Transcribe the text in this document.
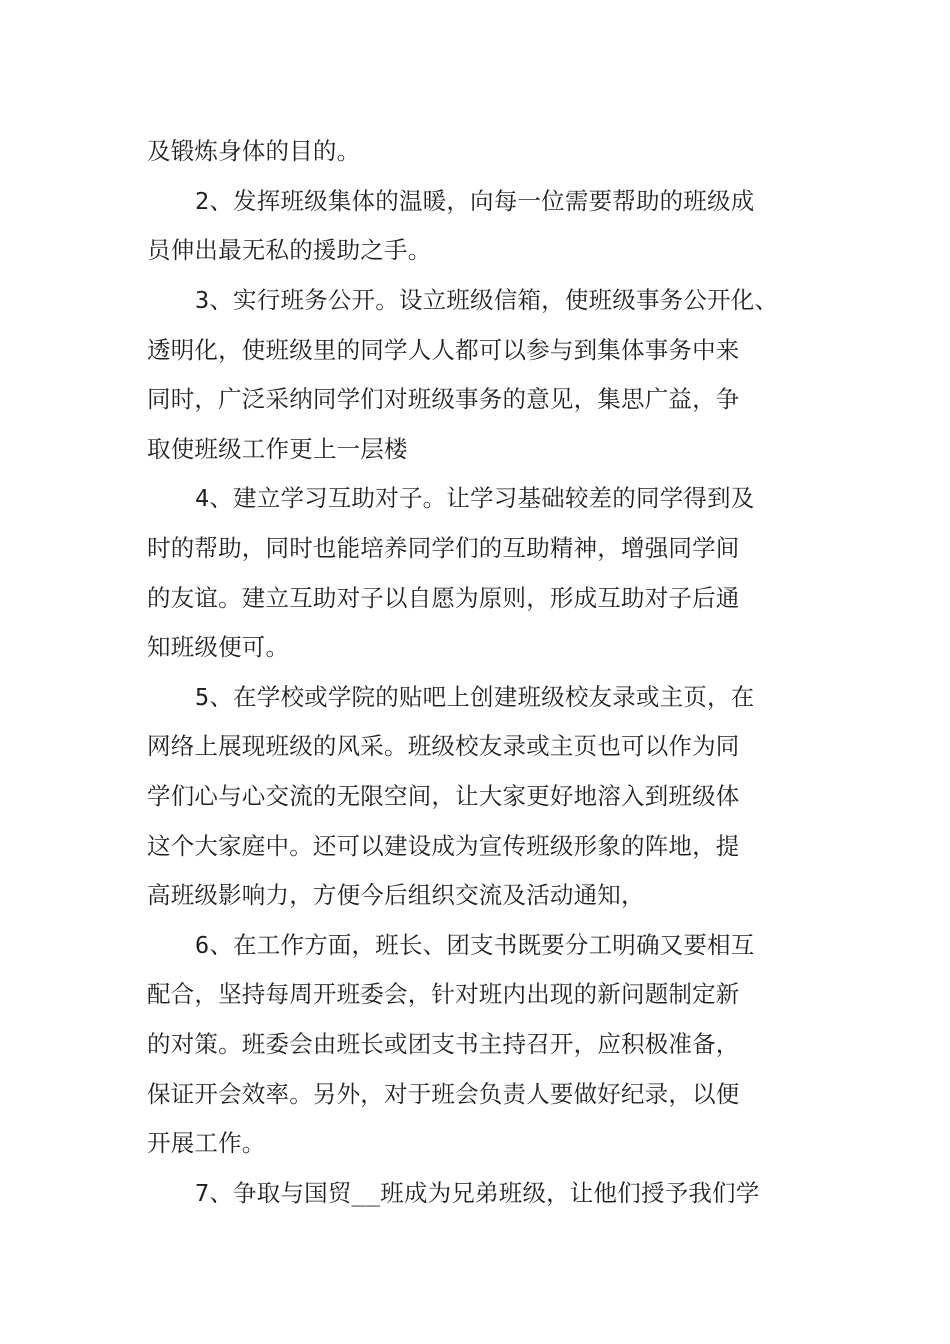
及锻炼身体的目的。

2、发挥班级集体的温暖，向每一位需要帮助的班级成

员伸出最无私的援助之手。

3、实行班务公开。设立班级信箱，使班级事务公开化、

透明化，使班级里的同学人人都可以参与到集体事务中来

同时，广泛采纳同学们对班级事务的意见，集思广益，争

取使班级工作更上一层楼

4、建立学习互助对子。让学习基础较差的同学得到及

时的帮助，同时也能培养同学们的互助精神，增强同学间

的友谊。建立互助对子以自愿为原则，形成互助对子后通

知班级便可。

5、在学校或学院的贴吧上创建班级校友录或主页，在

网络上展现班级的风采。班级校友录或主页也可以作为同

学们心与心交流的无限空间，让大家更好地溶入到班级体

这个大家庭中。还可以建设成为宣传班级形象的阵地，提

高班级影响力，方便今后组织交流及活动通知，

6、在工作方面，班长、团支书既要分工明确又要相互

配合，坚持每周开班委会，针对班内出现的新问题制定新

的对策。班委会由班长或团支书主持召开，应积极准备，

保证开会效率。另外，对于班会负责人要做好纪录，以便

开展工作。

7、争取与国贸__班成为兄弟班级，让他们授予我们学
